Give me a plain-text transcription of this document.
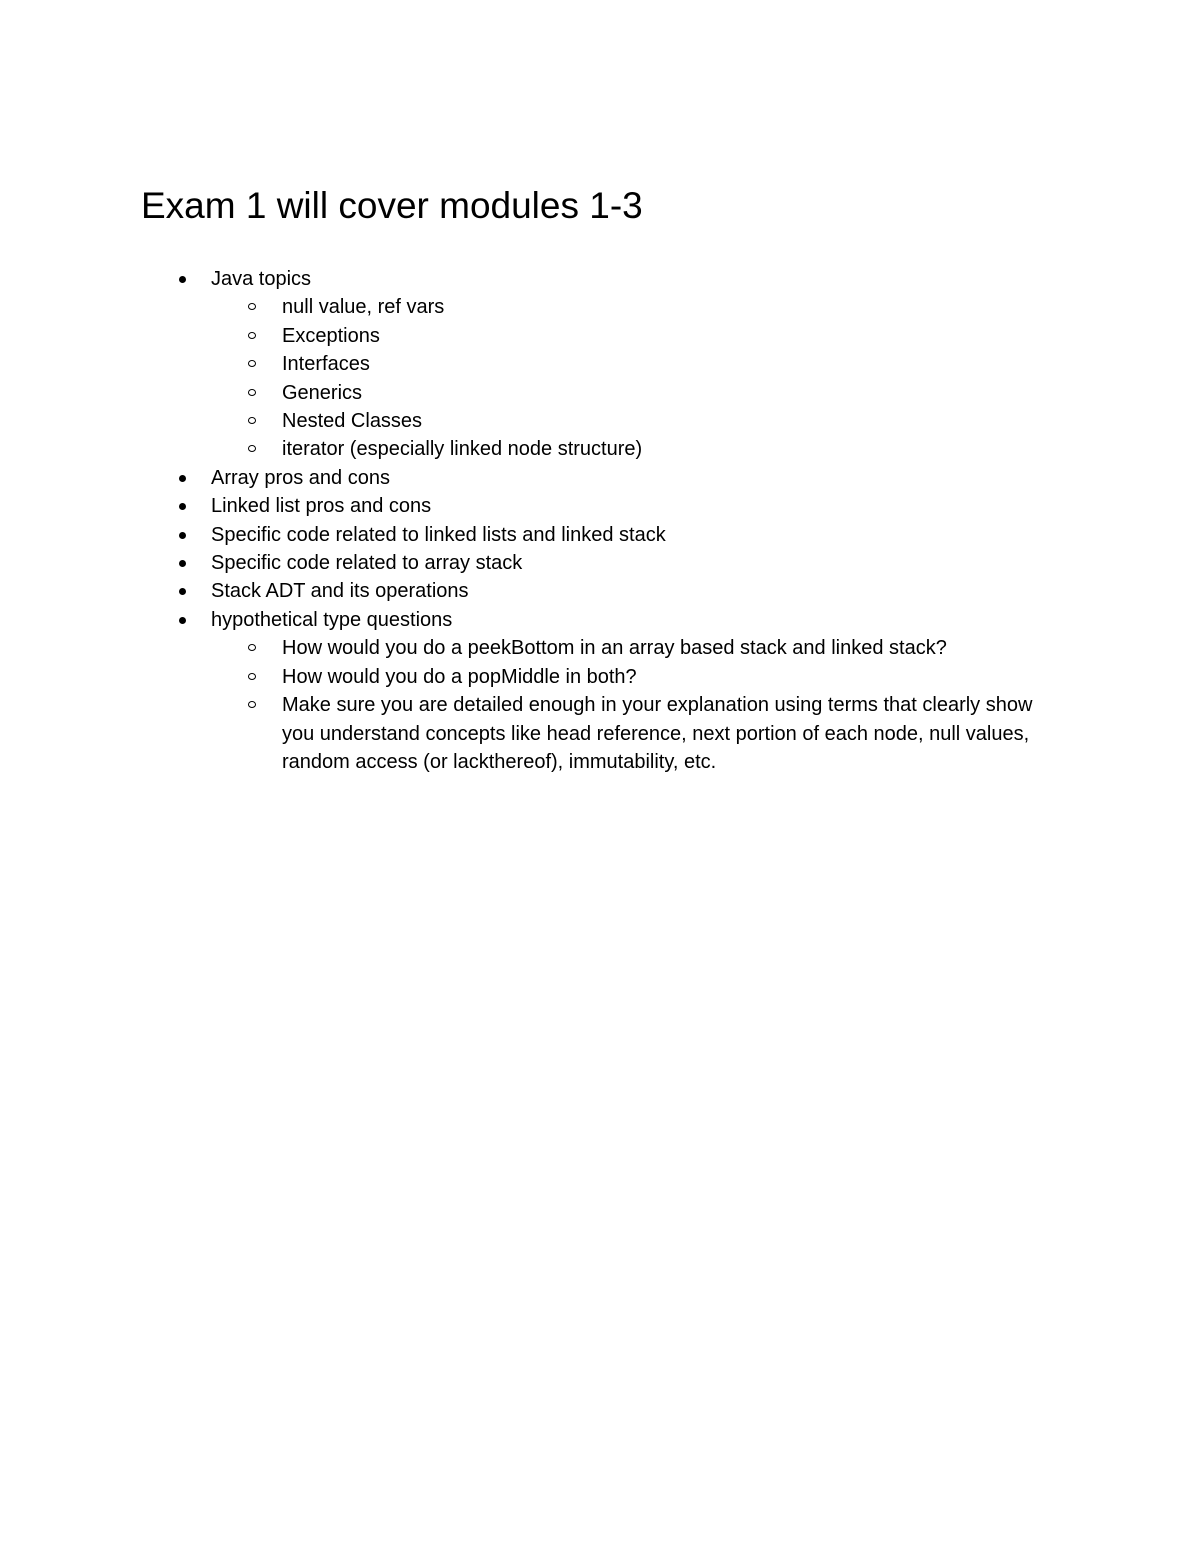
Exam 1 will cover modules 1-3
Java topics
null value, ref vars
Exceptions
Interfaces
Generics
Nested Classes
iterator (especially linked node structure)
Array pros and cons
Linked list pros and cons
Specific code related to linked lists and linked stack
Specific code related to array stack
Stack ADT and its operations
hypothetical type questions
How would you do a peekBottom in an array based stack and linked stack?
How would you do a popMiddle in both?
Make sure you are detailed enough in your explanation using terms that clearly show you understand concepts like head reference, next portion of each node, null values, random access (or lackthereof), immutability, etc.
